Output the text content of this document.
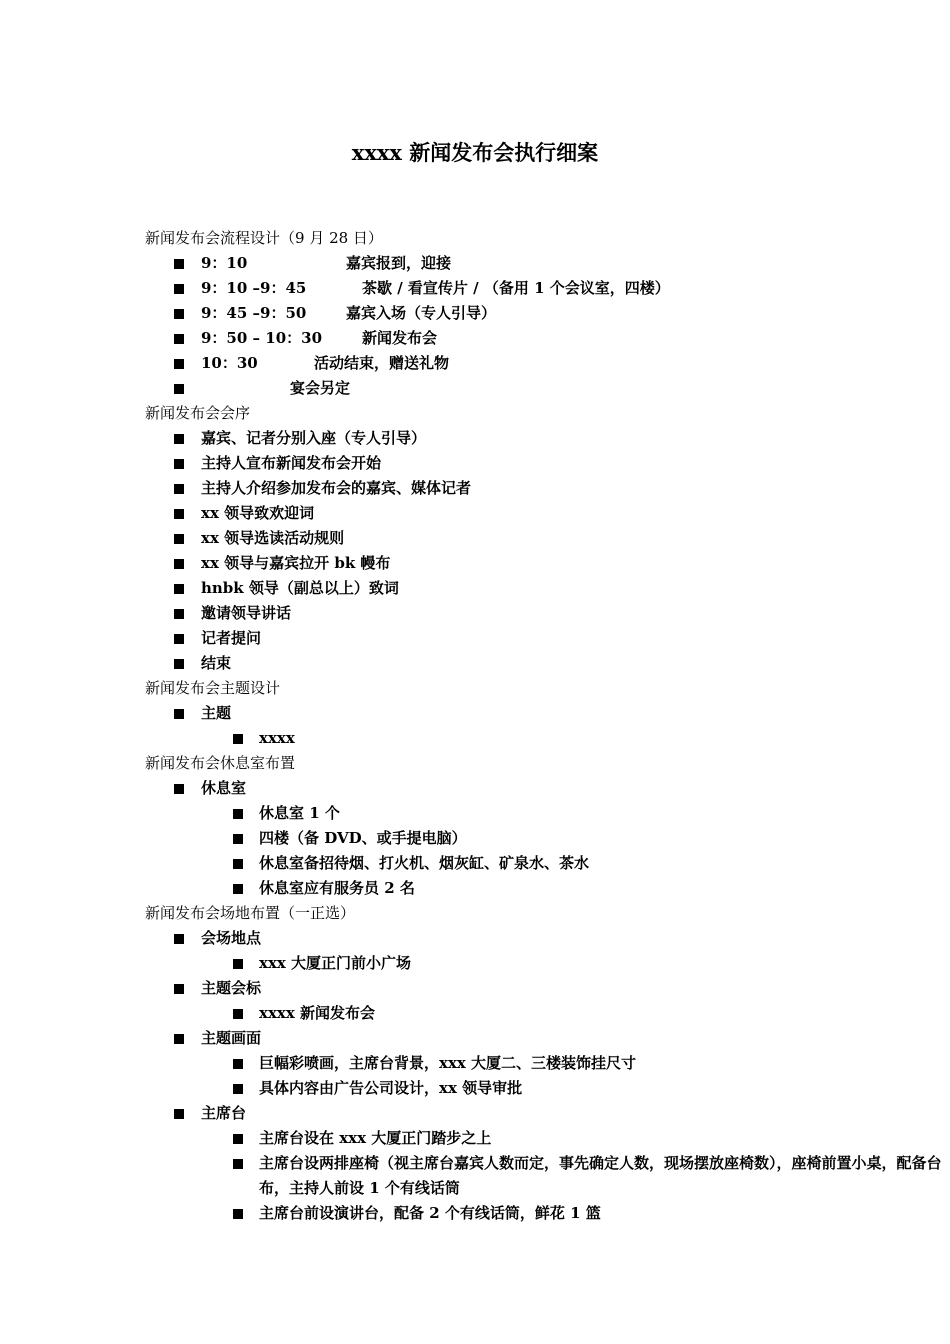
xxxx 新闻发布会执行细案
新闻发布会流程设计（9 月 28 日）
9：10	嘉宾报到，迎接
9：10 –9：45	茶歇 / 看宣传片 / （备用 1 个会议室，四楼）
9：45 –9：50	嘉宾入场（专人引导）
9：50 – 10：30	新闻发布会
10：30	活动结束，赠送礼物
宴会另定
新闻发布会会序
嘉宾、记者分别入座（专人引导）
主持人宣布新闻发布会开始
主持人介绍参加发布会的嘉宾、媒体记者
xx 领导致欢迎词
xx 领导选读活动规则
xx 领导与嘉宾拉开 bk 幔布
hnbk 领导（副总以上）致词
邀请领导讲话
记者提问
结束
新闻发布会主题设计
主题
xxxx
新闻发布会休息室布置
休息室
休息室 1 个
四楼（备 DVD、或手提电脑）
休息室备招待烟、打火机、烟灰缸、矿泉水、茶水
休息室应有服务员 2 名
新闻发布会场地布置（一正选）
会场地点
xxx 大厦正门前小广场
主题会标
xxxx 新闻发布会
主题画面
巨幅彩喷画，主席台背景，xxx 大厦二、三楼装饰挂尺寸
具体内容由广告公司设计，xx 领导审批
主席台
主席台设在 xxx 大厦正门踏步之上
主席台设两排座椅（视主席台嘉宾人数而定，事先确定人数，现场摆放座椅数），座椅前置小桌，配备台布，主持人前设 1 个有线话筒
主席台前设演讲台，配备 2 个有线话筒，鲜花 1 篮
